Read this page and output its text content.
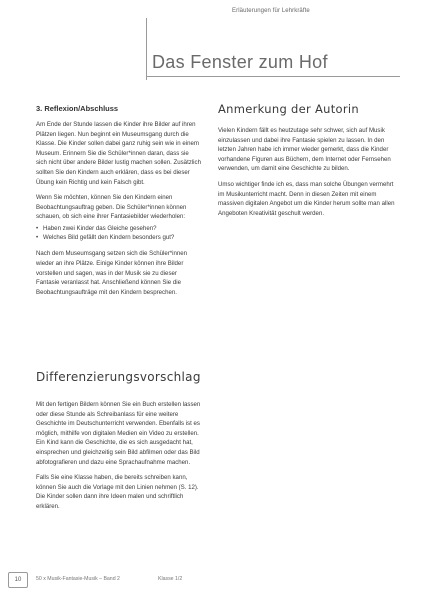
Erläuterungen für Lehrkräfte
Das Fenster zum Hof
3. Reflexion/Abschluss

Am Ende der Stunde lassen die Kinder ihre Bilder auf ihren Plätzen liegen. Nun beginnt ein Museumsgang durch die Klasse. Die Kinder sollen dabei ganz ruhig sein wie in einem Museum. Erinnern Sie die Schüler*innen daran, dass sie sich nicht über andere Bilder lustig machen sollen. Zusätzlich sollten Sie den Kindern auch erklären, dass es bei dieser Übung kein Richtig und kein Falsch gibt.

Wenn Sie möchten, können Sie den Kindern einen Beobachtungsauftrag geben. Die Schüler*innen können schauen, ob sich eine ihrer Fantasiebilder wiederholen:

• Haben zwei Kinder das Gleiche gesehen?
• Welches Bild gefällt den Kindern besonders gut?

Nach dem Museumsgang setzen sich die Schüler*innen wieder an ihre Plätze. Einige Kinder können ihre Bilder vorstellen und sagen, was in der Musik sie zu dieser Fantasie veranlasst hat. Anschließend können Sie die Beobachtungsaufträge mit den Kindern besprechen.

Anmerkung der Autorin

Vielen Kindern fällt es heutzutage sehr schwer, sich auf Musik einzulassen und dabei ihre Fantasie spielen zu lassen. In den letzten Jahren habe ich immer wieder gemerkt, dass die Kinder vorhandene Figuren aus Büchern, dem Internet oder Fernsehen verwenden, um damit eine Geschichte zu bilden.

Umso wichtiger finde ich es, dass man solche Übungen vermehrt im Musikunterricht macht. Denn in diesen Zeiten mit einem massiven digitalen Angebot um die Kinder herum sollte man allen Angeboten Kreativität geschult werden.

Differenzierungsvorschlag

Mit den fertigen Bildern können Sie ein Buch erstellen lassen oder diese Stunde als Schreibanlass für eine weitere Geschichte im Deutschunterricht verwenden. Ebenfalls ist es möglich, mithilfe von digitalen Medien ein Video zu erstellen. Ein Kind kann die Geschichte, die es sich ausgedacht hat, einsprechen und gleichzeitig sein Bild abfilmen oder das Bild abfotografieren und dazu eine Sprachaufnahme machen.

Falls Sie eine Klasse haben, die bereits schreiben kann, können Sie auch die Vorlage mit den Linien nehmen (S. 12). Die Kinder sollen dann ihre Ideen malen und schriftlich erklären.

10	50 x Musik-Fantasie-Musik – Band 2	Klasse 1/2
